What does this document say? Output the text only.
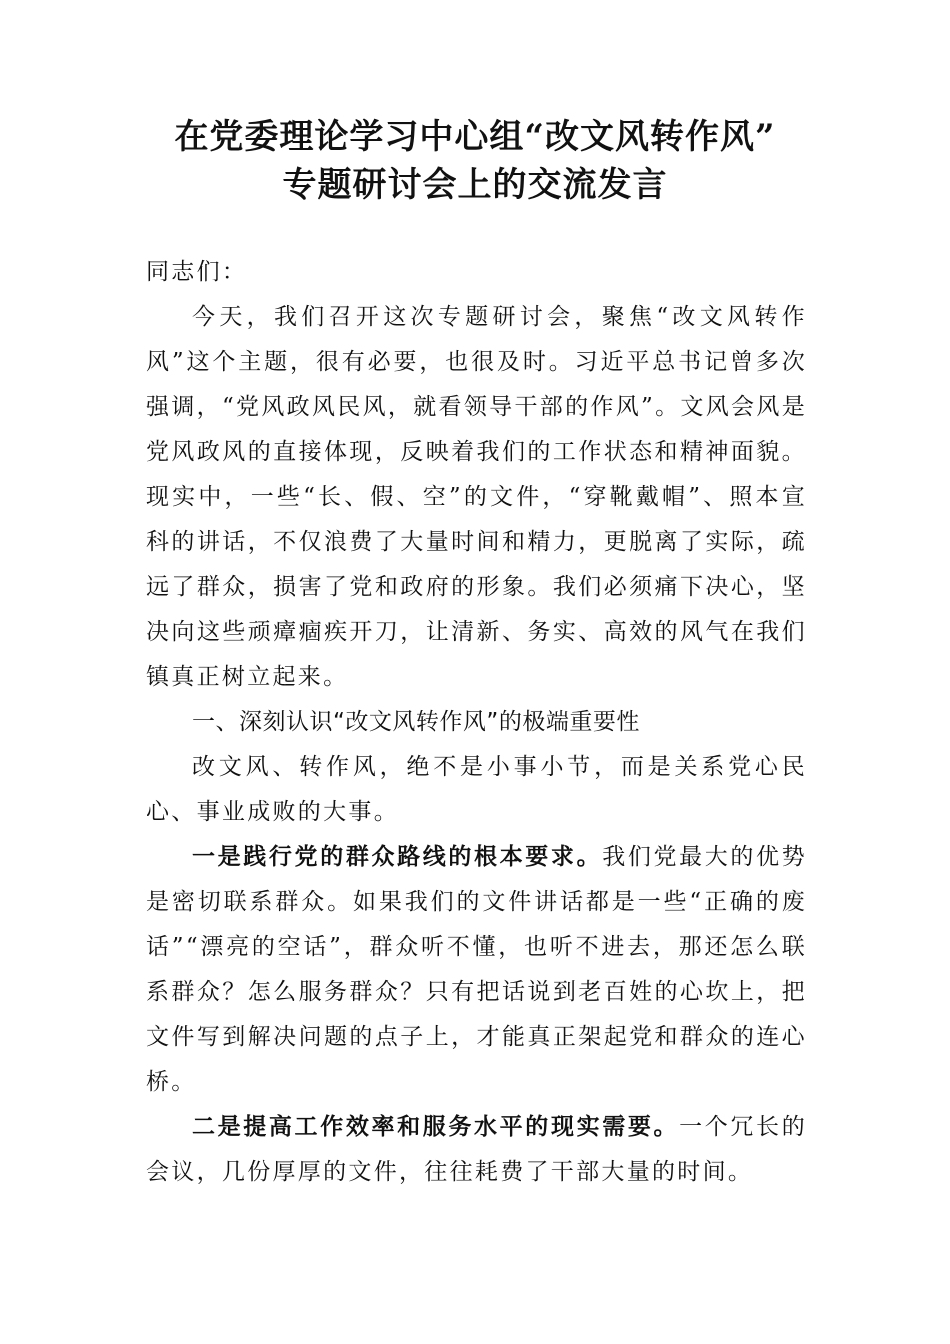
在党委理论学习中心组“改文风转作风”
专题研讨会上的交流发言

同志们：

今天，我们召开这次专题研讨会，聚焦“改文风转作风”这个主题，很有必要，也很及时。习近平总书记曾多次强调，“党风政风民风，就看领导干部的作风”。文风会风是党风政风的直接体现，反映着我们的工作状态和精神面貌。现实中，一些“长、假、空”的文件，“穿靴戴帽”、照本宣科的讲话，不仅浪费了大量时间和精力，更脱离了实际，疏远了群众，损害了党和政府的形象。我们必须痛下决心，坚决向这些顽瘴痼疾开刀，让清新、务实、高效的风气在我们镇真正树立起来。

一、深刻认识“改文风转作风”的极端重要性

改文风、转作风，绝不是小事小节，而是关系党心民心、事业成败的大事。

一是践行党的群众路线的根本要求。我们党最大的优势是密切联系群众。如果我们的文件讲话都是一些“正确的废话”“漂亮的空话”，群众听不懂，也听不进去，那还怎么联系群众？怎么服务群众？只有把话说到老百姓的心坎上，把文件写到解决问题的点子上，才能真正架起党和群众的连心桥。

二是提高工作效率和服务水平的现实需要。一个冗长的会议，几份厚厚的文件，往往耗费了干部大量的时间。
